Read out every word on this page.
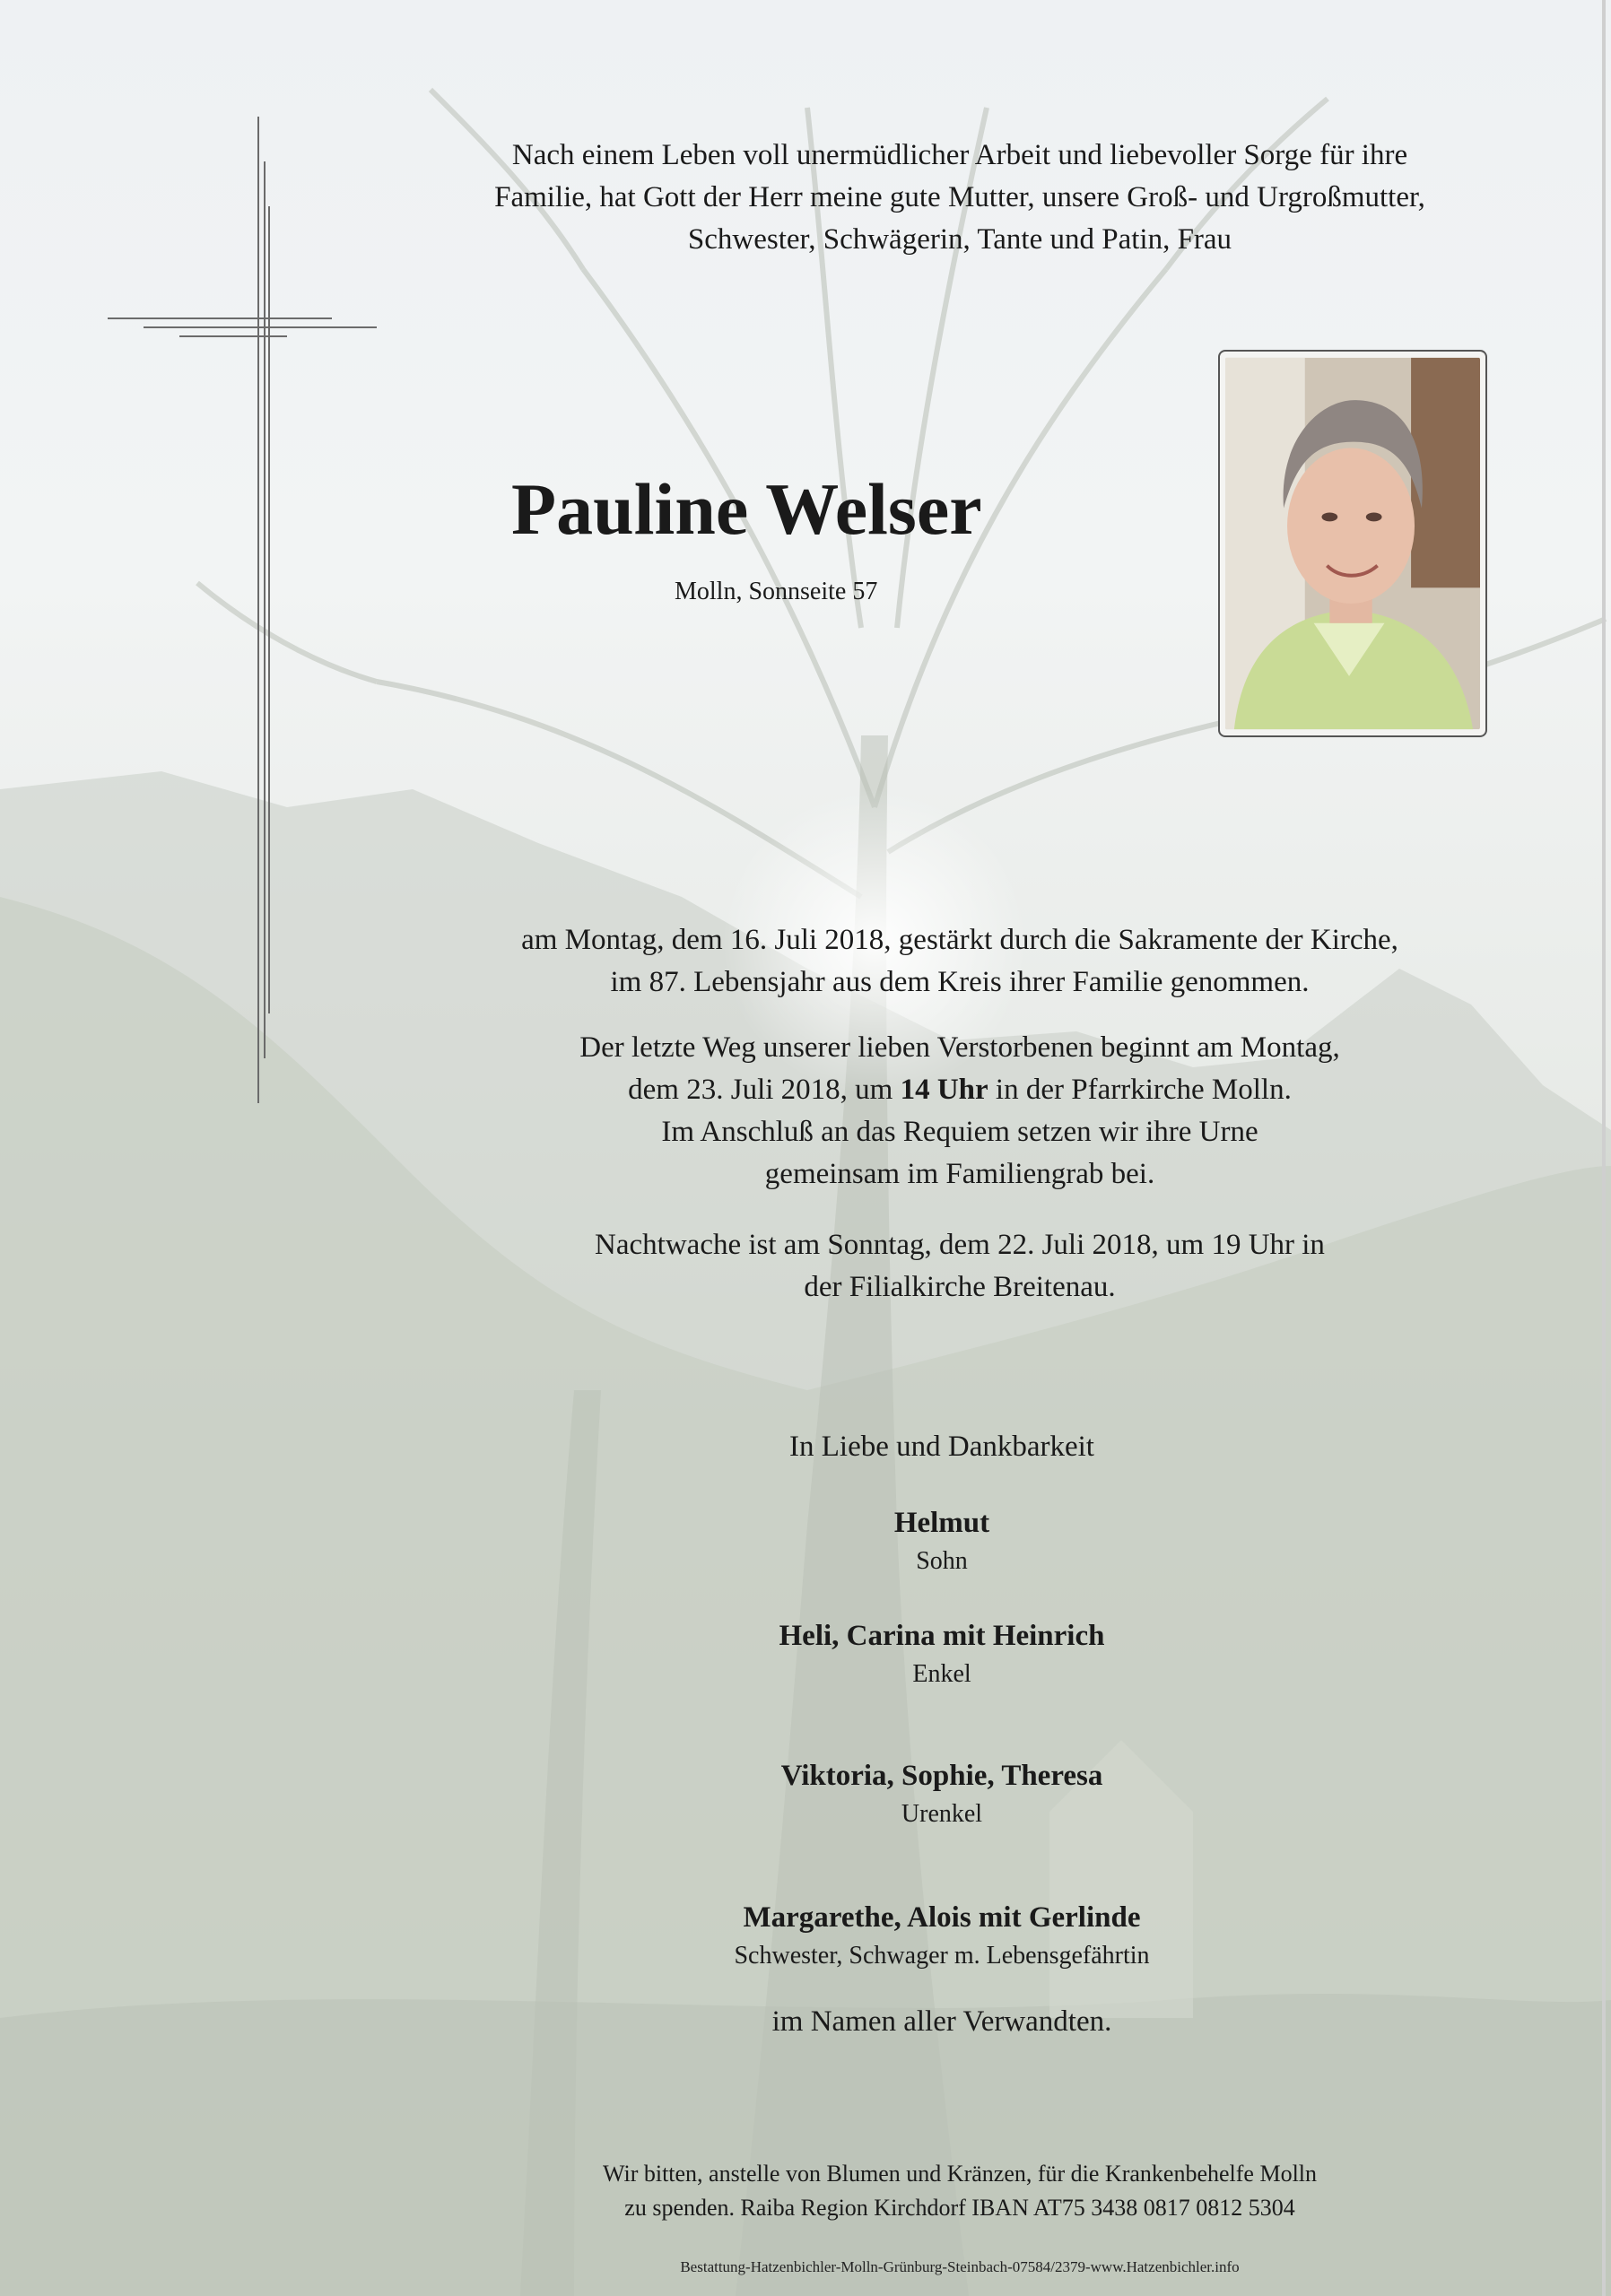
Nach einem Leben voll unermüdlicher Arbeit und liebevoller Sorge für ihre
Familie, hat Gott der Herr meine gute Mutter, unsere Groß- und Urgroßmutter,
Schwester, Schwägerin, Tante und Patin, Frau
Pauline Welser
Molln, Sonnseite 57
am Montag, dem 16. Juli 2018, gestärkt durch die Sakramente der Kirche,
im 87. Lebensjahr aus dem Kreis ihrer Familie genommen.
Der letzte Weg unserer lieben Verstorbenen beginnt am Montag,
dem 23. Juli 2018, um 14 Uhr in der Pfarrkirche Molln.
Im Anschluß an das Requiem setzen wir ihre Urne
gemeinsam im Familiengrab bei.
Nachtwache ist am Sonntag, dem 22. Juli 2018, um 19 Uhr in
der Filialkirche Breitenau.
In Liebe und Dankbarkeit
Helmut
Sohn
Heli, Carina mit Heinrich
Enkel
Viktoria, Sophie, Theresa
Urenkel
Margarethe, Alois mit Gerlinde
Schwester, Schwager m. Lebensgefährtin
im Namen aller Verwandten.
Wir bitten, anstelle von Blumen und Kränzen, für die Krankenbehelfe Molln
zu spenden. Raiba Region Kirchdorf IBAN AT75 3438 0817 0812 5304
Bestattung-Hatzenbichler-Molln-Grünburg-Steinbach-07584/2379-www.Hatzenbichler.info
